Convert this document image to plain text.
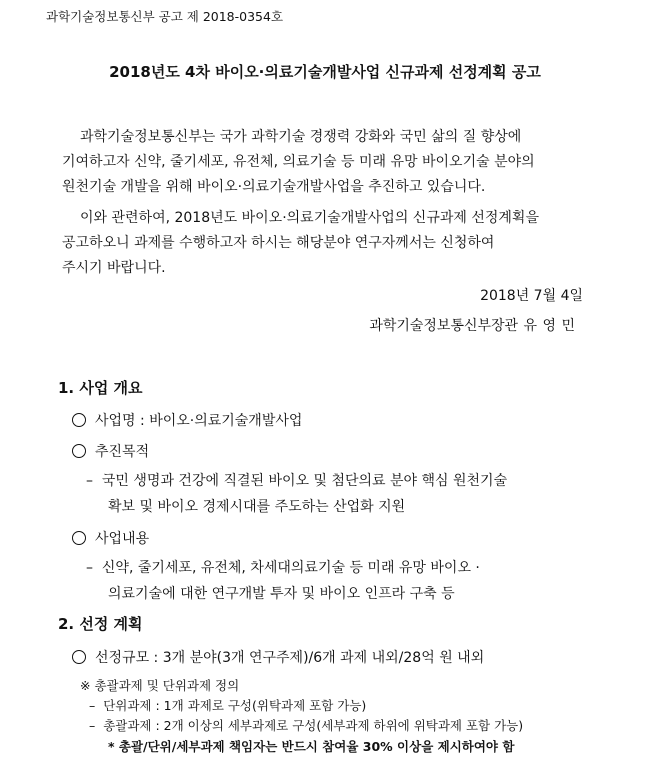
과학기술정보통신부 공고 제 2018-0354호
2018년도 4차 바이오·의료기술개발사업 신규과제 선정계획 공고
과학기술정보통신부는 국가 과학기술 경쟁력 강화와 국민 삶의 질 향상에
기여하고자 신약, 줄기세포, 유전체, 의료기술 등 미래 유망 바이오기술 분야의
원천기술 개발을 위해 바이오·의료기술개발사업을 추진하고 있습니다.
이와 관련하여, 2018년도 바이오·의료기술개발사업의 신규과제 선정계획을
공고하오니 과제를 수행하고자 하시는 해당분야 연구자께서는 신청하여
주시기 바랍니다.
2018년 7월 4일
과학기술정보통신부장관 유 영 민
1. 사업 개요
사업명 : 바이오·의료기술개발사업
추진목적
–  국민 생명과 건강에 직결된 바이오 및 첨단의료 분야 핵심 원천기술
확보 및 바이오 경제시대를 주도하는 산업화 지원
사업내용
–  신약, 줄기세포, 유전체, 차세대의료기술 등 미래 유망 바이오 ·
의료기술에 대한 연구개발 투자 및 바이오 인프라 구축 등
2. 선정 계획
선정규모 : 3개 분야(3개 연구주제)/6개 과제 내외/28억 원 내외
※ 총괄과제 및 단위과제 정의
–  단위과제 : 1개 과제로 구성(위탁과제 포함 가능)
–  총괄과제 : 2개 이상의 세부과제로 구성(세부과제 하위에 위탁과제 포함 가능)
* 총괄/단위/세부과제 책임자는 반드시 참여율 30% 이상을 제시하여야 함
